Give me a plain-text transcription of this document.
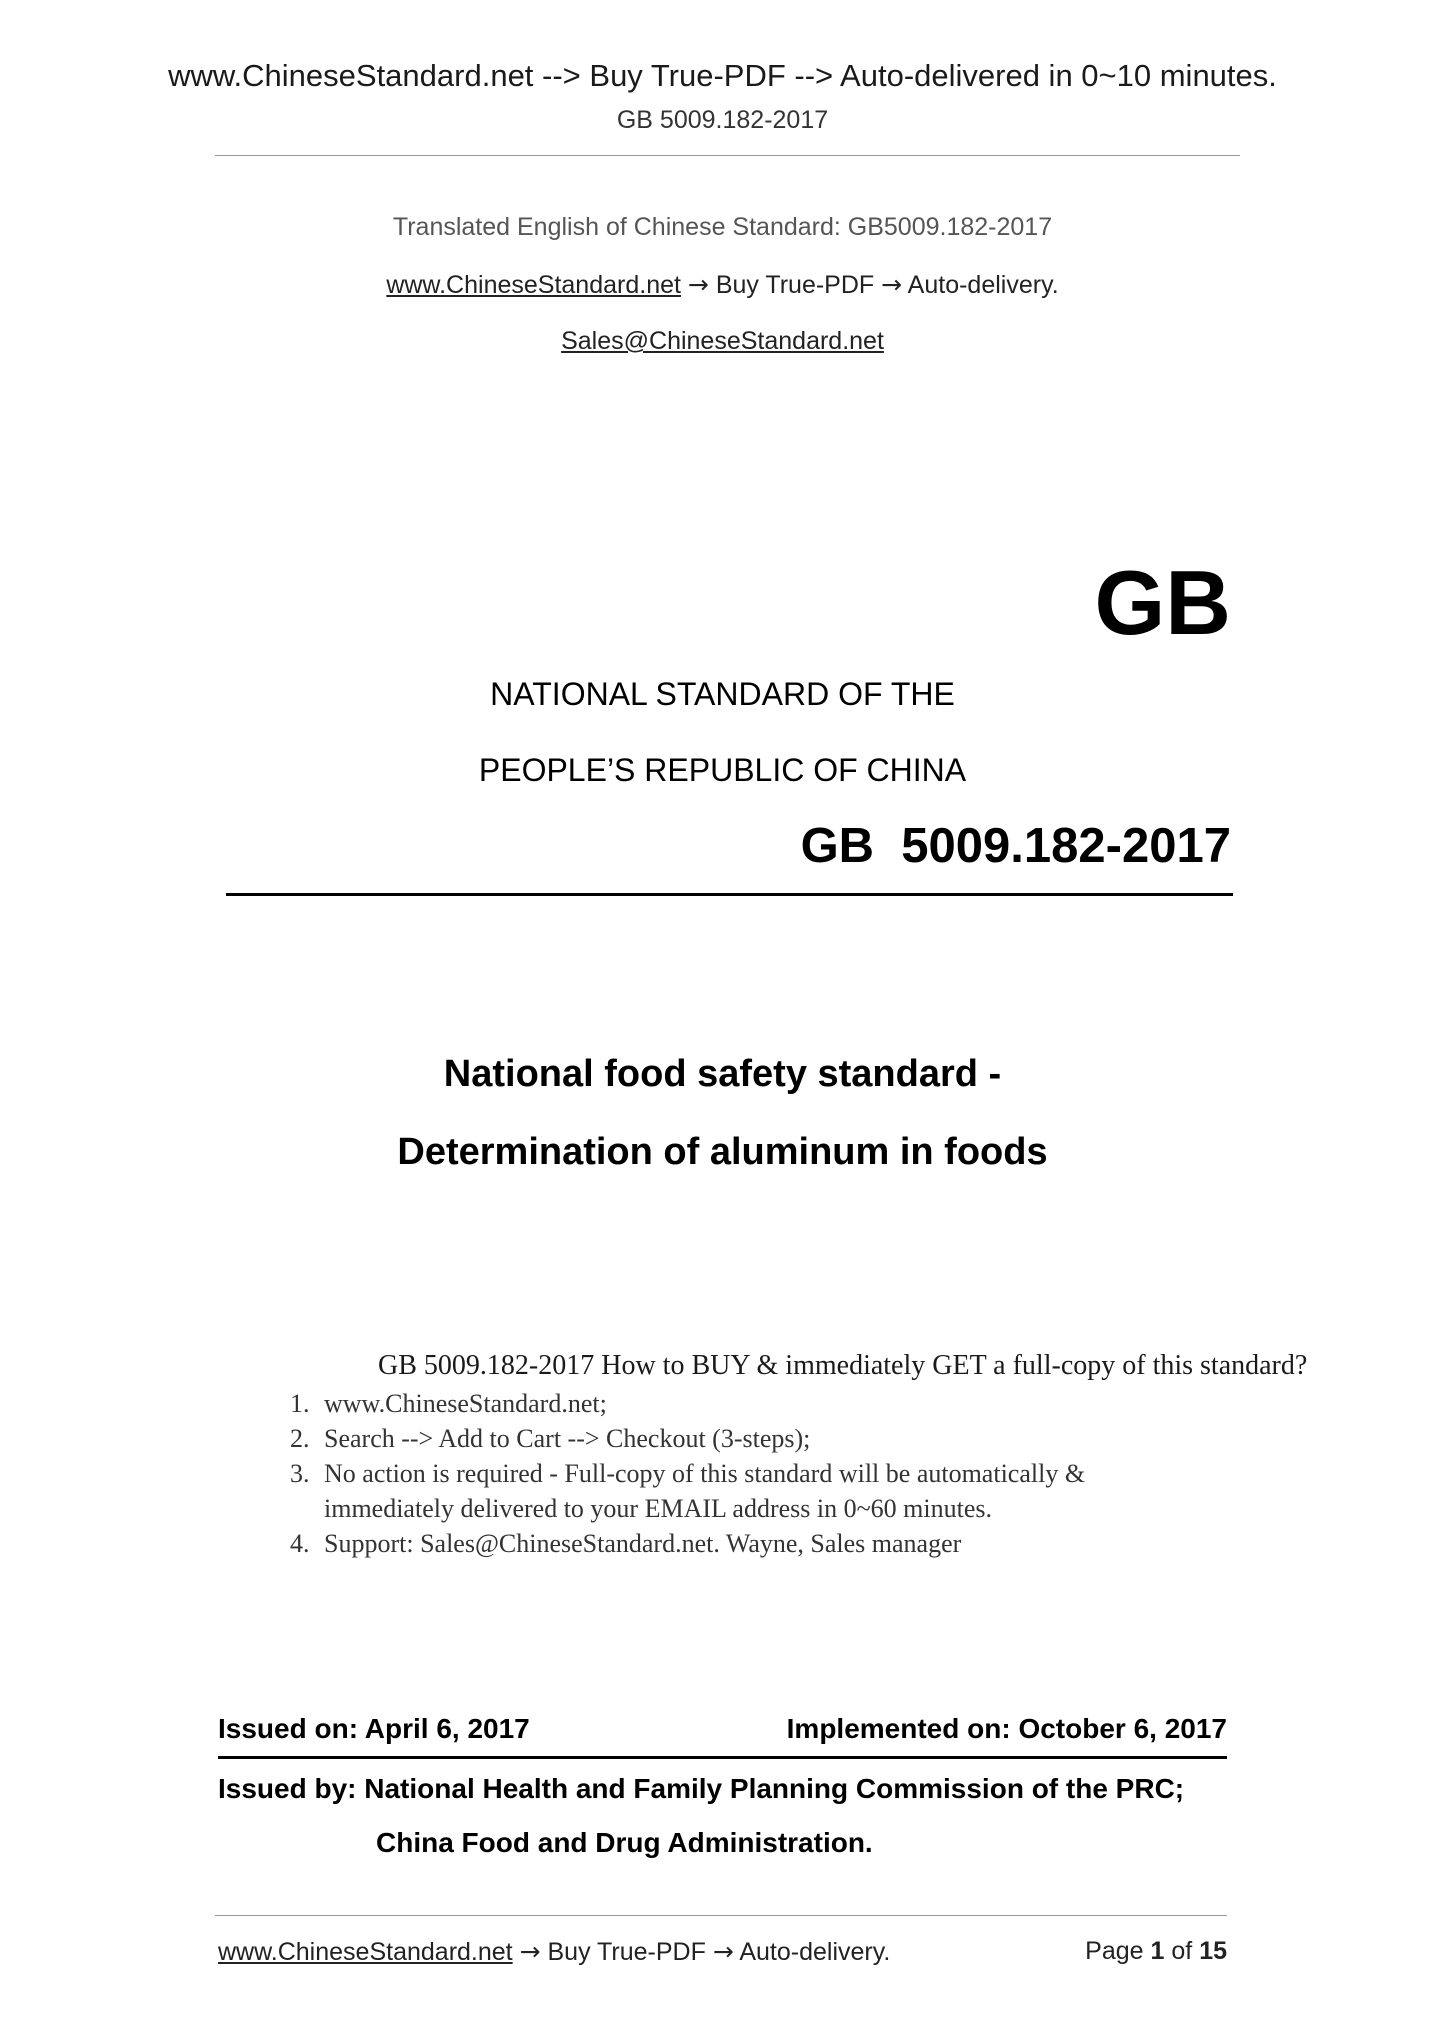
www.ChineseStandard.net --> Buy True-PDF --> Auto-delivered in 0~10 minutes.
GB 5009.182-2017
Translated English of Chinese Standard: GB5009.182-2017
www.ChineseStandard.net → Buy True-PDF → Auto-delivery.
Sales@ChineseStandard.net
GB
NATIONAL STANDARD OF THE
PEOPLE’S REPUBLIC OF CHINA
GB  5009.182-2017
National food safety standard -
Determination of aluminum in foods
GB 5009.182-2017 How to BUY & immediately GET a full-copy of this standard?
1. www.ChineseStandard.net;
2. Search --> Add to Cart --> Checkout (3-steps);
3. No action is required - Full-copy of this standard will be automatically & immediately delivered to your EMAIL address in 0~60 minutes.
4. Support: Sales@ChineseStandard.net. Wayne, Sales manager
Issued on: April 6, 2017	Implemented on: October 6, 2017
Issued by: National Health and Family Planning Commission of the PRC;
China Food and Drug Administration.
www.ChineseStandard.net → Buy True-PDF → Auto-delivery.	Page 1 of 15
